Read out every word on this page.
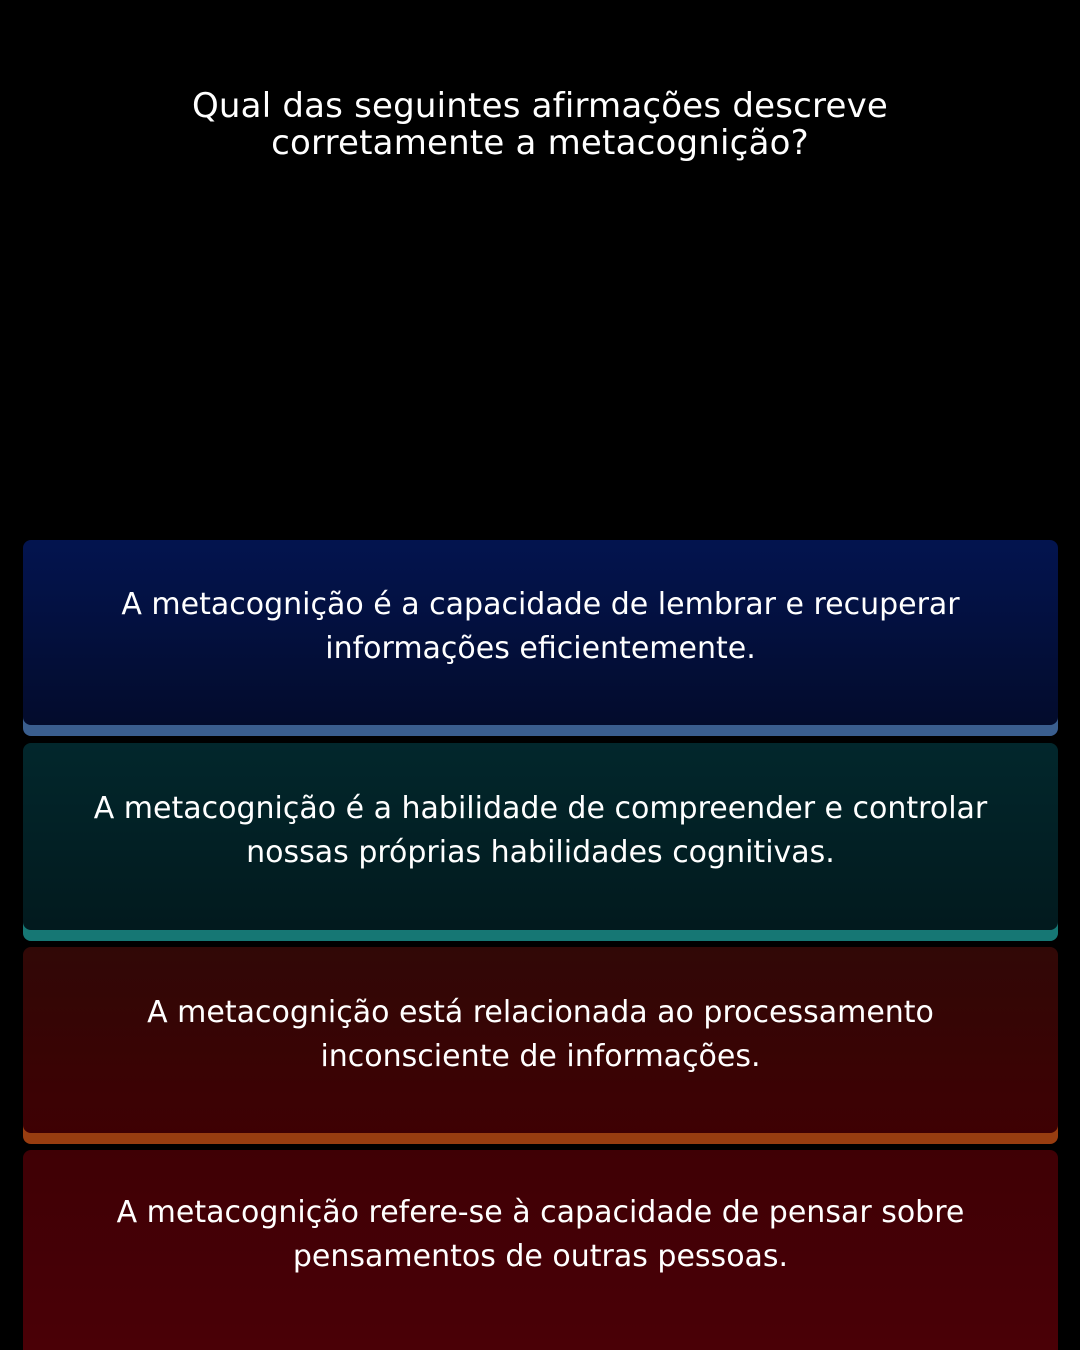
Qual das seguintes afirmações descreve corretamente a metacognição?
A metacognição é a capacidade de lembrar e recuperar informações eficientemente.
A metacognição é a habilidade de compreender e controlar nossas próprias habilidades cognitivas.
A metacognição está relacionada ao processamento inconsciente de informações.
A metacognição refere-se à capacidade de pensar sobre pensamentos de outras pessoas.
